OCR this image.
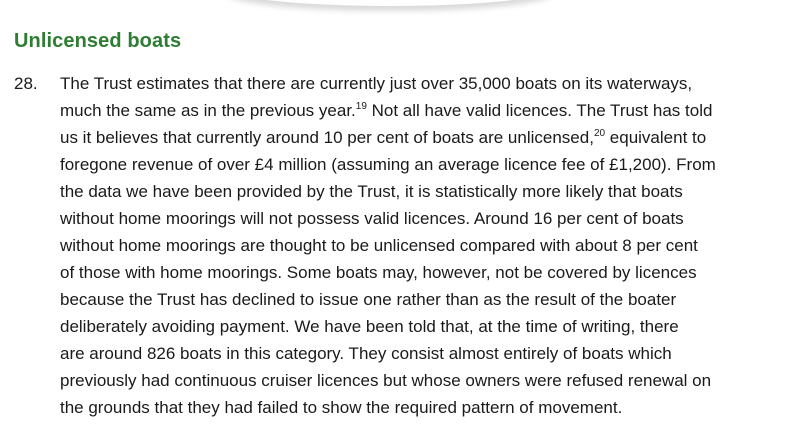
Unlicensed boats
28. The Trust estimates that there are currently just over 35,000 boats on its waterways,
much the same as in the previous year.$^{19}$ Not all have valid licences. The Trust has told
us it believes that currently around 10 per cent of boats are unlicensed,$^{20}$ equivalent to
foregone revenue of over £4 million (assuming an average licence fee of £1,200). From
the data we have been provided by the Trust, it is statistically more likely that boats
without home moorings will not possess valid licences. Around 16 per cent of boats
without home moorings are thought to be unlicensed compared with about 8 per cent
of those with home moorings. Some boats may, however, not be covered by licences
because the Trust has declined to issue one rather than as the result of the boater
deliberately avoiding payment. We have been told that, at the time of writing, there
are around 826 boats in this category. They consist almost entirely of boats which
previously had continuous cruiser licences but whose owners were refused renewal on
the grounds that they had failed to show the required pattern of movement.
